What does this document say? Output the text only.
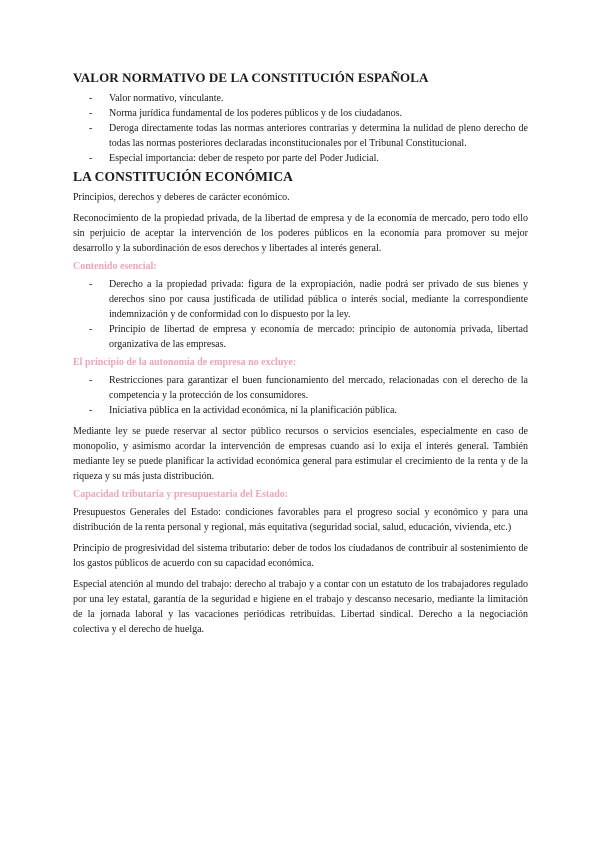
VALOR NORMATIVO DE LA CONSTITUCIÓN ESPAÑOLA
- Valor normativo, vinculante.
- Norma jurídica fundamental de los poderes públicos y de los ciudadanos.
- Deroga directamente todas las normas anteriores contrarias y determina la nulidad de pleno derecho de todas las normas posteriores declaradas inconstitucionales por el Tribunal Constitucional.
- Especial importancia: deber de respeto por parte del Poder Judicial.
LA CONSTITUCIÓN ECONÓMICA

Principios, derechos y deberes de carácter económico.

Reconocimiento de la propiedad privada, de la libertad de empresa y de la economía de mercado, pero todo ello sin perjuicio de aceptar la intervención de los poderes públicos en la economía para promover su mejor desarrollo y la subordinación de esos derechos y libertades al interés general.

Contenido esencial:
- Derecho a la propiedad privada: figura de la expropiación, nadie podrá ser privado de sus bienes y derechos sino por causa justificada de utilidad pública o interés social, mediante la correspondiente indemnización y de conformidad con lo dispuesto por la ley.
- Principio de libertad de empresa y economía de mercado: principio de autonomía privada, libertad organizativa de las empresas.
El principio de la autonomía de empresa no excluye:
- Restricciones para garantizar el buen funcionamiento del mercado, relacionadas con el derecho de la competencia y la protección de los consumidores.
- Iniciativa pública en la actividad económica, ni la planificación pública.

Mediante ley se puede reservar al sector público recursos o servicios esenciales, especialmente en caso de monopolio, y asimismo acordar la intervención de empresas cuando así lo exija el interés general. También mediante ley se puede planificar la actividad económica general para estimular el crecimiento de la renta y de la riqueza y su más justa distribución.

Capacidad tributaria y presupuestaria del Estado:

Presupuestos Generales del Estado: condiciones favorables para el progreso social y económico y para una distribución de la renta personal y regional, más equitativa (seguridad social, salud, educación, vivienda, etc.)

Principio de progresividad del sistema tributario: deber de todos los ciudadanos de contribuir al sostenimiento de los gastos públicos de acuerdo con su capacidad económica.

Especial atención al mundo del trabajo: derecho al trabajo y a contar con un estatuto de los trabajadores regulado por una ley estatal, garantía de la seguridad e higiene en el trabajo y descanso necesario, mediante la limitación de la jornada laboral y las vacaciones periódicas retribuidas. Libertad sindical. Derecho a la negociación colectiva y el derecho de huelga.
